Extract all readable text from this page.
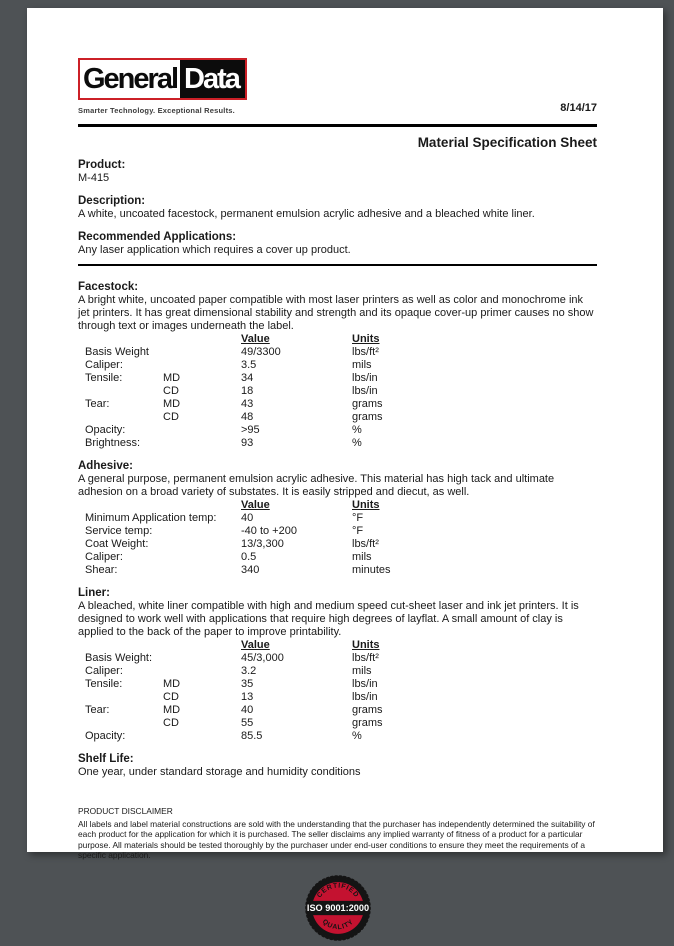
General Data
Smarter Technology. Exceptional Results.	8/14/17
Material Specification Sheet
Product:
M-415
Description:
A white, uncoated facestock, permanent emulsion acrylic adhesive and a bleached white liner.
Recommended Applications:
Any laser application which requires a cover up product.
Facestock:
A bright white, uncoated paper compatible with most laser printers as well as color and monochrome ink jet printers. It has great dimensional stability and strength and its opaque cover-up primer causes no show through text or images underneath the label.
Value	Units
Basis Weight	49/3300	lbs/ft²
Caliper:	3.5	mils
Tensile:	MD	34	lbs/in
CD	18	lbs/in
Tear:	MD	43	grams
CD	48	grams
Opacity:	>95	%
Brightness:	93	%
Adhesive:
A general purpose, permanent emulsion acrylic adhesive. This material has high tack and ultimate adhesion on a broad variety of substates. It is easily stripped and diecut, as well.
Value	Units
Minimum Application temp:	40	°F
Service temp:	-40 to +200	°F
Coat Weight:	13/3,300	lbs/ft²
Caliper:	0.5	mils
Shear:	340	minutes
Liner:
A bleached, white liner compatible with high and medium speed cut-sheet laser and ink jet printers. It is designed to work well with applications that require high degrees of layflat. A small amount of clay is applied to the back of the paper to improve printability.
Value	Units
Basis Weight:	45/3,000	lbs/ft²
Caliper:	3.2	mils
Tensile:	MD	35	lbs/in
CD	13	lbs/in
Tear:	MD	40	grams
CD	55	grams
Opacity:	85.5	%
Shelf Life:
One year, under standard storage and humidity conditions
PRODUCT DISCLAIMER
All labels and label material constructions are sold with the understanding that the purchaser has independently determined the suitability of each product for the application for which it is purchased. The seller disclaims any implied warranty of fitness of a product for a particular purpose. All materials should be tested thoroughly by the purchaser under end-user conditions to ensure they meet the requirements of a specific application.
CERTIFIED
ISO 9001:2000
QUALITY
